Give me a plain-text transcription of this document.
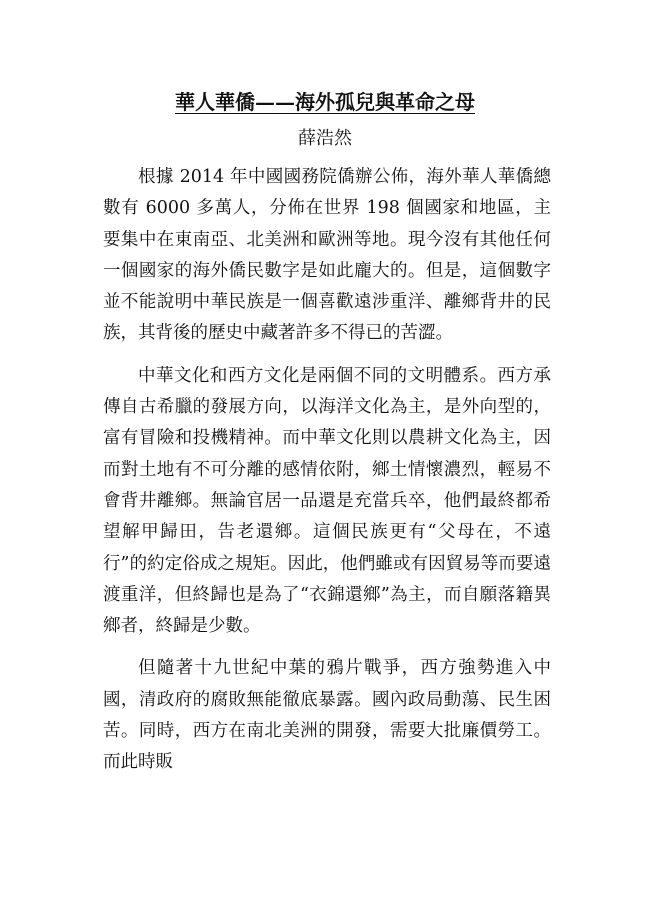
華人華僑——海外孤兒與革命之母

薛浩然

根據 2014 年中國國務院僑辦公佈，海外華人華僑總數有 6000 多萬人，分佈在世界 198 個國家和地區，主要集中在東南亞、北美洲和歐洲等地。現今沒有其他任何一個國家的海外僑民數字是如此龐大的。但是，這個數字並不能說明中華民族是一個喜歡遠涉重洋、離鄉背井的民族，其背後的歷史中藏著許多不得已的苦澀。

中華文化和西方文化是兩個不同的文明體系。西方承傳自古希臘的發展方向，以海洋文化為主，是外向型的，富有冒險和投機精神。而中華文化則以農耕文化為主，因而對土地有不可分離的感情依附，鄉土情懷濃烈，輕易不會背井離鄉。無論官居一品還是充當兵卒，他們最終都希望解甲歸田，告老還鄉。這個民族更有“父母在，不遠行”的約定俗成之規矩。因此，他們雖或有因貿易等而要遠渡重洋，但終歸也是為了“衣錦還鄉”為主，而自願落籍異鄉者，終歸是少數。

但隨著十九世紀中葉的鴉片戰爭，西方強勢進入中國，清政府的腐敗無能徹底暴露。國內政局動蕩、民生困苦。同時，西方在南北美洲的開發，需要大批廉價勞工。而此時販
